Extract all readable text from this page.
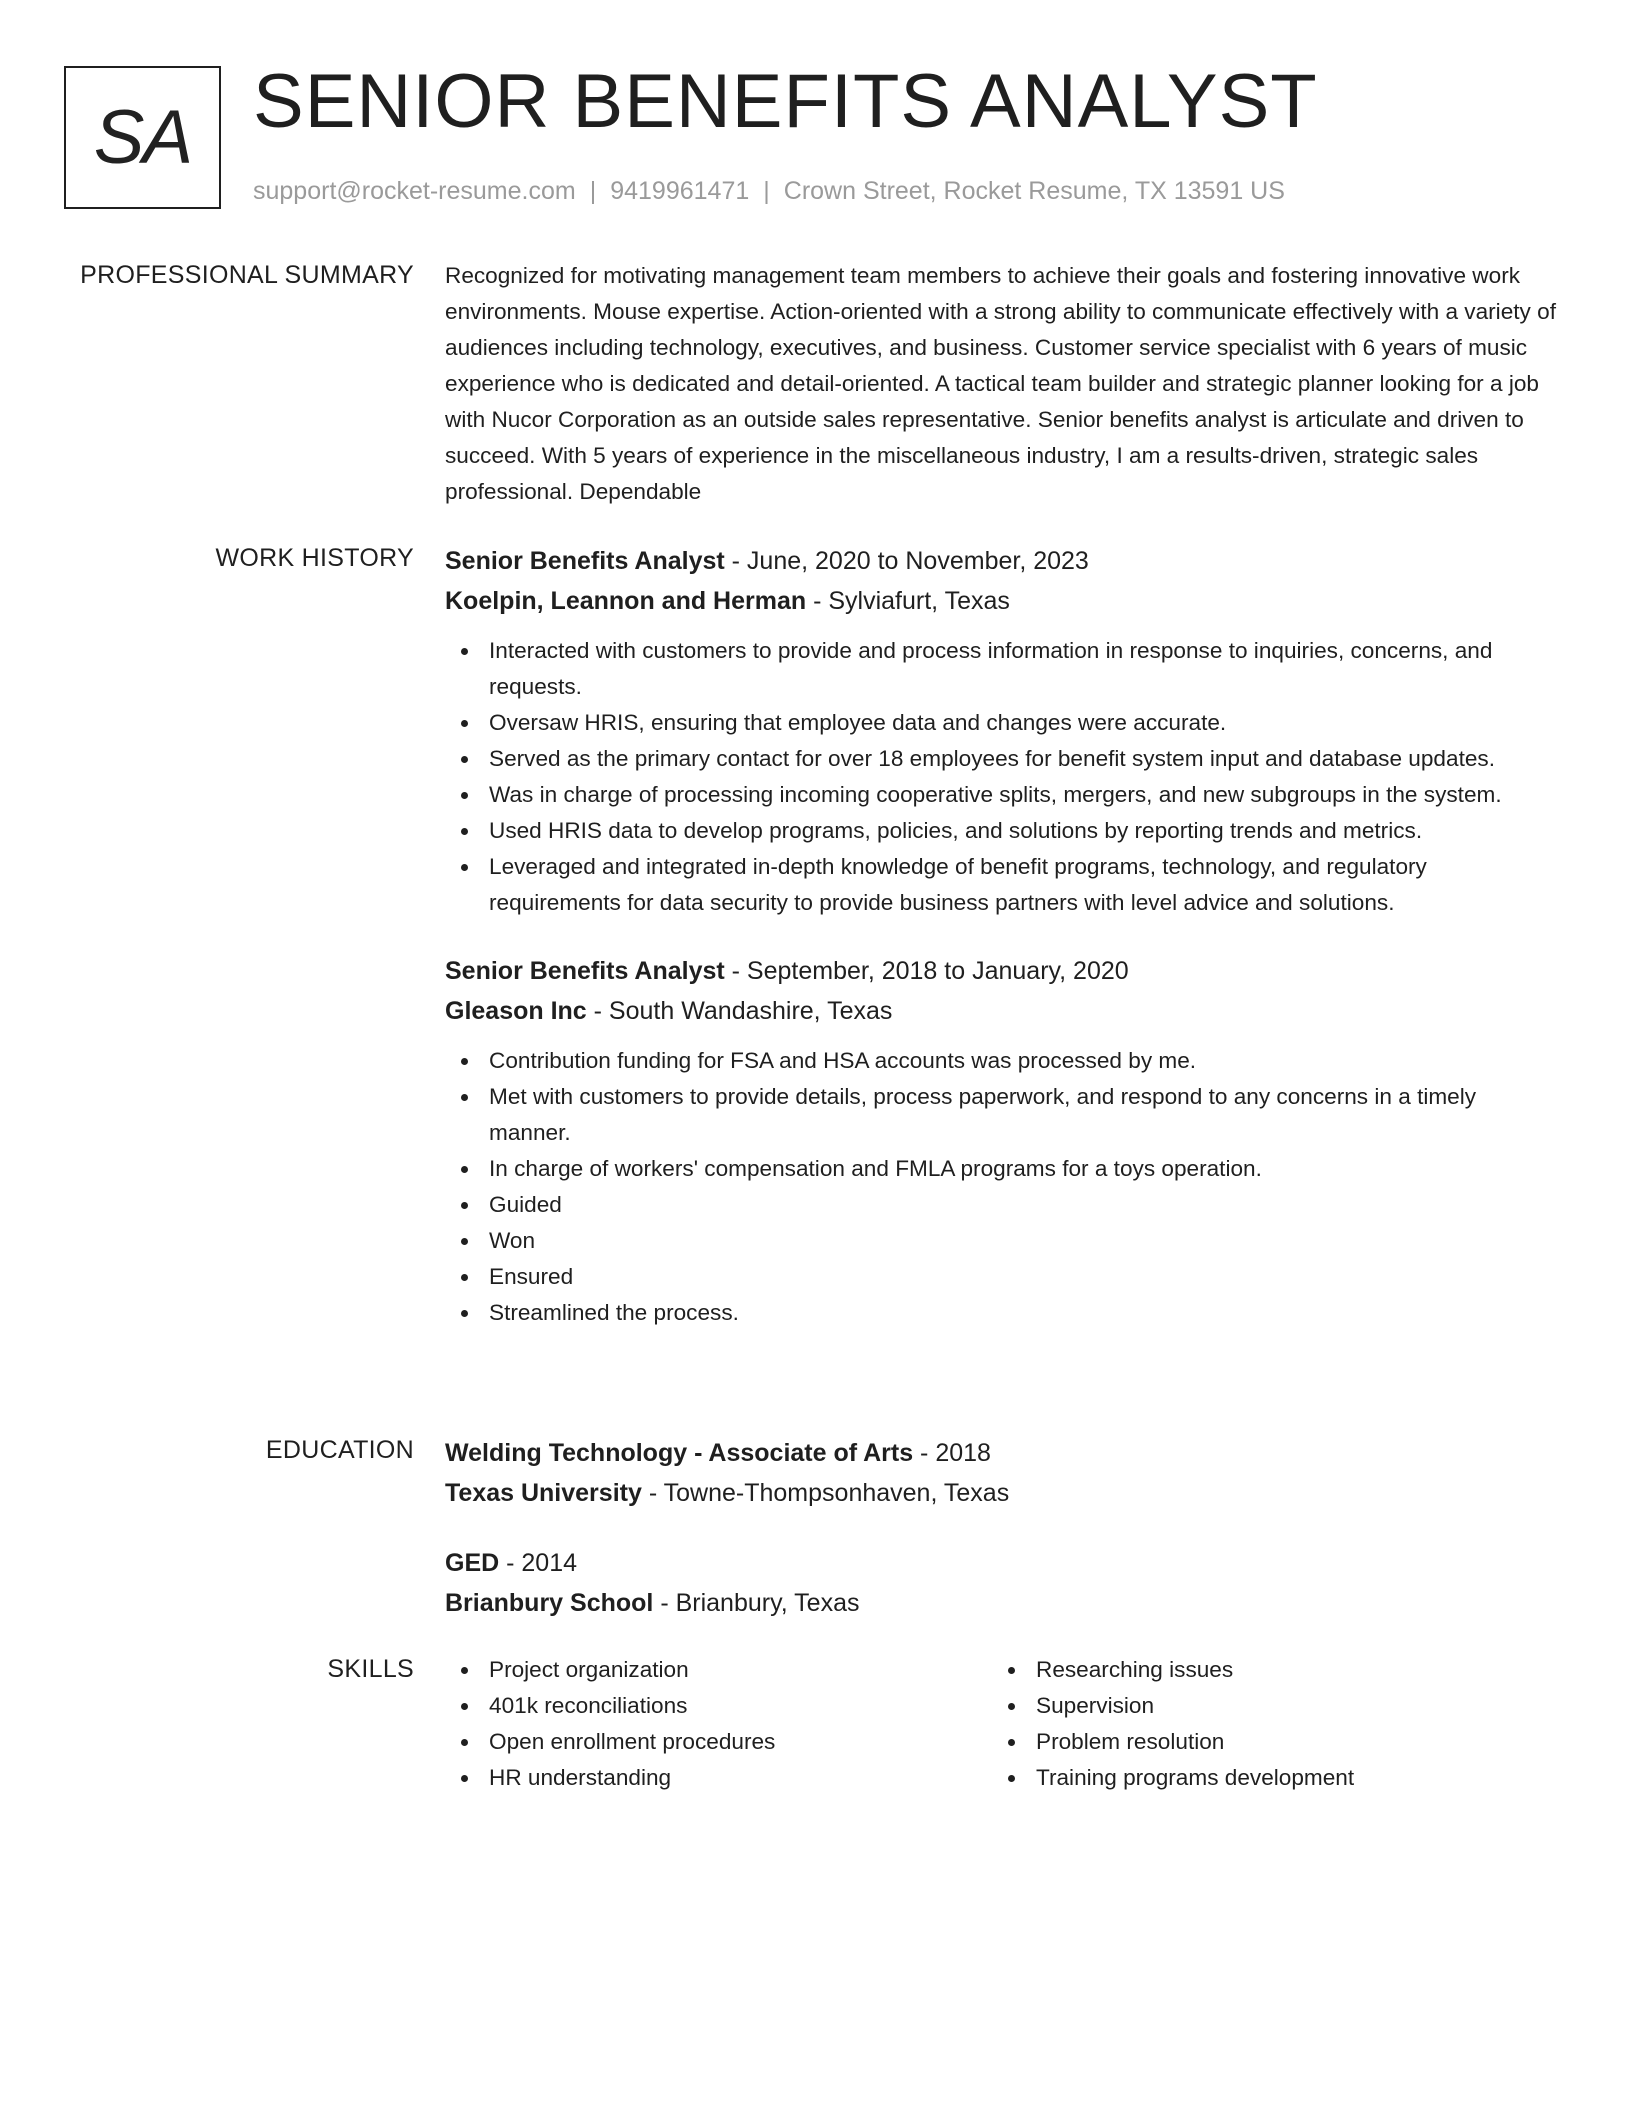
SA SENIOR BENEFITS ANALYST
support@rocket-resume.com | 9419961471 | Crown Street, Rocket Resume, TX 13591 US
PROFESSIONAL SUMMARY Recognized for motivating management team members to achieve their goals and fostering innovative work environments. Mouse expertise. Action-oriented with a strong ability to communicate effectively with a variety of audiences including technology, executives, and business. Customer service specialist with 6 years of music experience who is dedicated and detail-oriented. A tactical team builder and strategic planner looking for a job with Nucor Corporation as an outside sales representative. Senior benefits analyst is articulate and driven to succeed. With 5 years of experience in the miscellaneous industry, I am a results-driven, strategic sales professional. Dependable

WORK HISTORY Senior Benefits Analyst - June, 2020 to November, 2023
Koelpin, Leannon and Herman - Sylviafurt, Texas
Interacted with customers to provide and process information in response to inquiries, concerns, and requests.
Oversaw HRIS, ensuring that employee data and changes were accurate.
Served as the primary contact for over 18 employees for benefit system input and database updates.
Was in charge of processing incoming cooperative splits, mergers, and new subgroups in the system.
Used HRIS data to develop programs, policies, and solutions by reporting trends and metrics.
Leveraged and integrated in-depth knowledge of benefit programs, technology, and regulatory requirements for data security to provide business partners with level advice and solutions.
Senior Benefits Analyst - September, 2018 to January, 2020
Gleason Inc - South Wandashire, Texas
Contribution funding for FSA and HSA accounts was processed by me.
Met with customers to provide details, process paperwork, and respond to any concerns in a timely manner.
In charge of workers' compensation and FMLA programs for a toys operation.
Guided
Won
Ensured
Streamlined the process.
EDUCATION Welding Technology - Associate of Arts - 2018
Texas University - Towne-Thompsonhaven, Texas
GED - 2014
Brianbury School - Brianbury, Texas
SKILLS	Project organization
401k reconciliations
Open enrollment procedures
HR understanding
Researching issues
Supervision
Problem resolution
Training programs development
